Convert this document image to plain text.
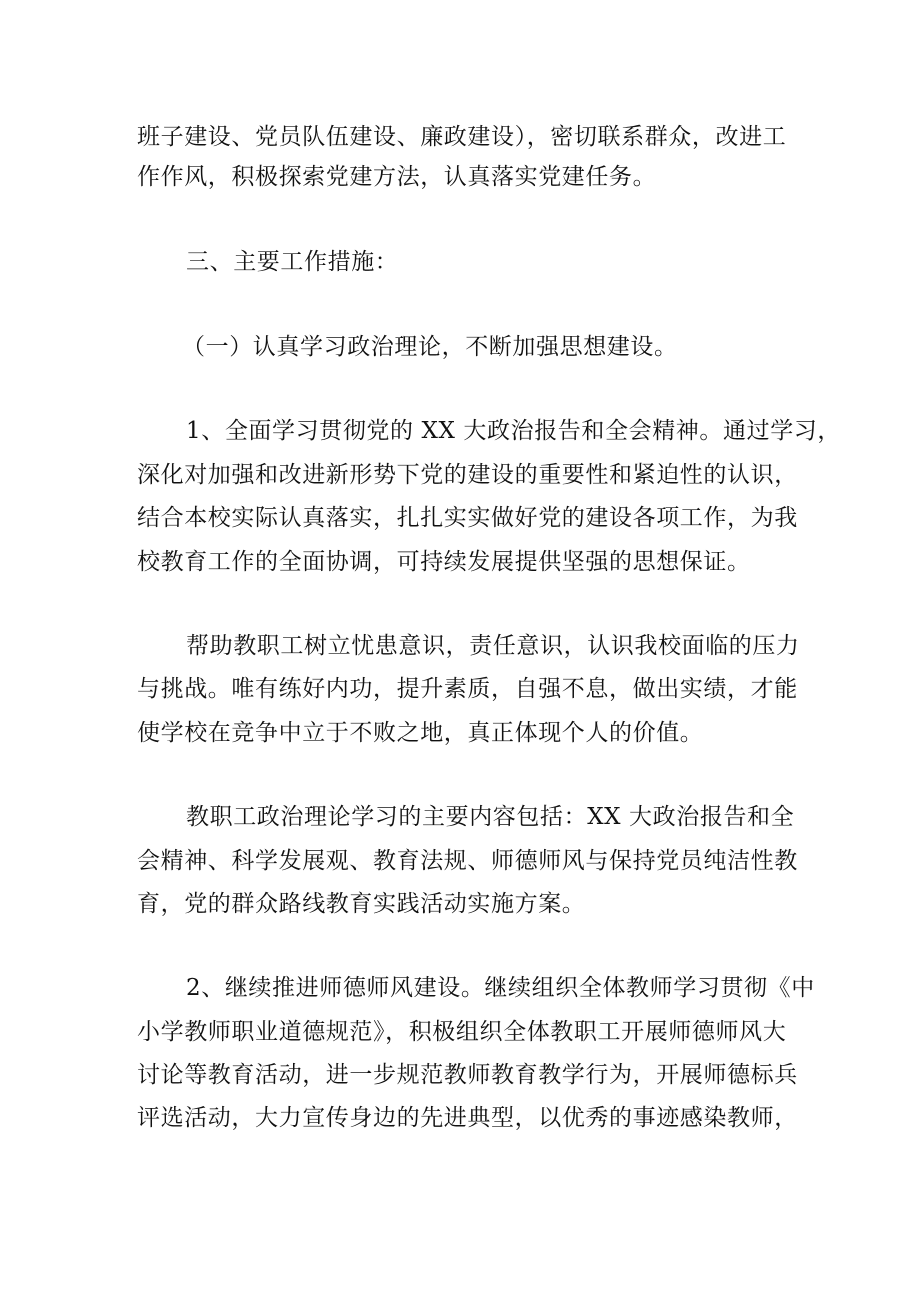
班子建设、党员队伍建设、廉政建设），密切联系群众，改进工
作作风，积极探索党建方法，认真落实党建任务。
三、主要工作措施：
（一）认真学习政治理论，不断加强思想建设。
1、全面学习贯彻党的 XX 大政治报告和全会精神。通过学习，
深化对加强和改进新形势下党的建设的重要性和紧迫性的认识，
结合本校实际认真落实，扎扎实实做好党的建设各项工作，为我
校教育工作的全面协调，可持续发展提供坚强的思想保证。
帮助教职工树立忧患意识，责任意识，认识我校面临的压力
与挑战。唯有练好内功，提升素质，自强不息，做出实绩，才能
使学校在竞争中立于不败之地，真正体现个人的价值。
教职工政治理论学习的主要内容包括：XX 大政治报告和全
会精神、科学发展观、教育法规、师德师风与保持党员纯洁性教
育，党的群众路线教育实践活动实施方案。
2、继续推进师德师风建设。继续组织全体教师学习贯彻《中
小学教师职业道德规范》，积极组织全体教职工开展师德师风大
讨论等教育活动，进一步规范教师教育教学行为，开展师德标兵
评选活动，大力宣传身边的先进典型，以优秀的事迹感染教师，
